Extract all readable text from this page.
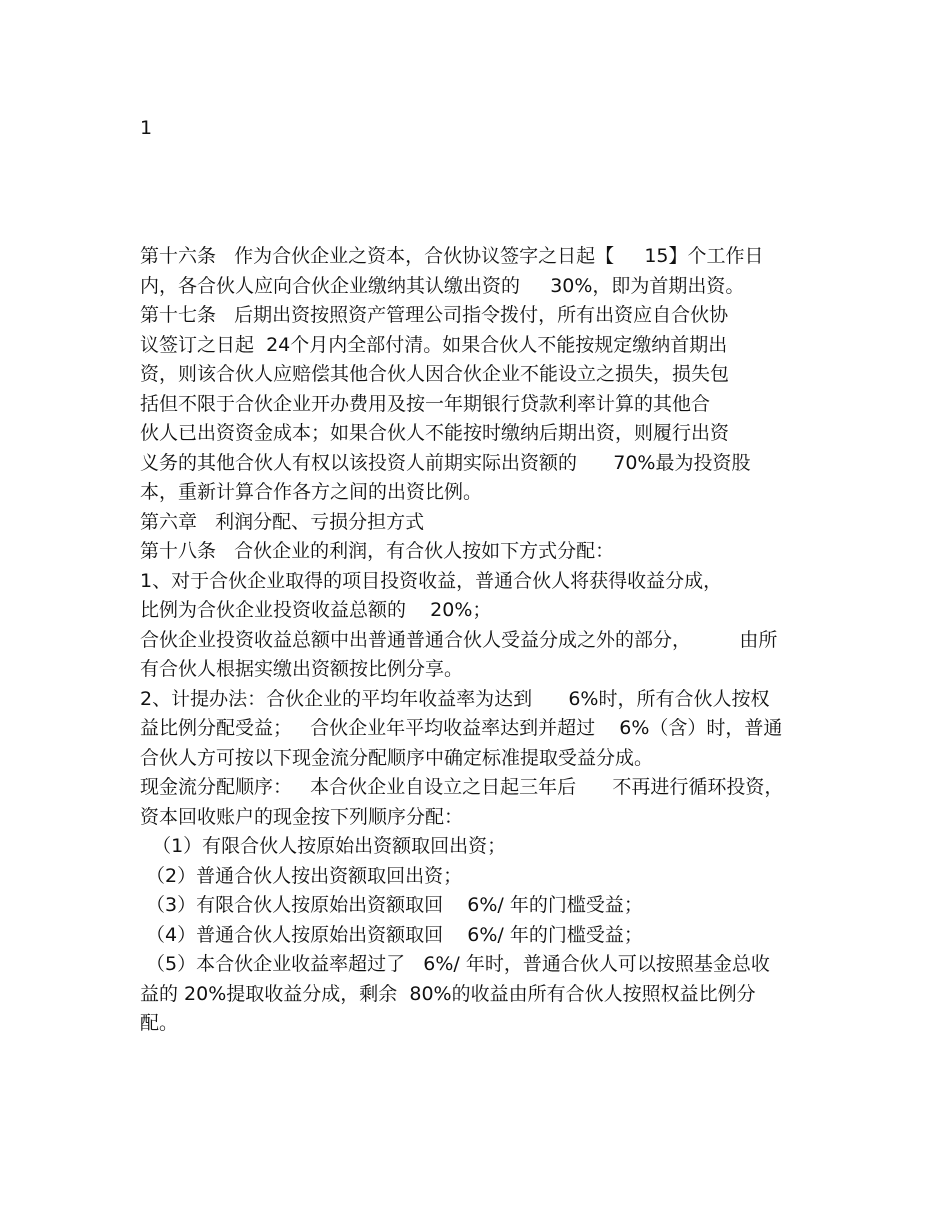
1
第十六条   作为合伙企业之资本，合伙协议签字之日起【     15】个工作日
内，各合伙人应向合伙企业缴纳其认缴出资的     30%，即为首期出资。
第十七条   后期出资按照资产管理公司指令拨付，所有出资应自合伙协
议签订之日起  24个月内全部付清。如果合伙人不能按规定缴纳首期出
资，则该合伙人应赔偿其他合伙人因合伙企业不能设立之损失，损失包
括但不限于合伙企业开办费用及按一年期银行贷款利率计算的其他合
伙人已出资资金成本；如果合伙人不能按时缴纳后期出资，则履行出资
义务的其他合伙人有权以该投资人前期实际出资额的      70%最为投资股
本，重新计算合作各方之间的出资比例。
第六章   利润分配、亏损分担方式
第十八条   合伙企业的利润，有合伙人按如下方式分配：
1、对于合伙企业取得的项目投资收益，普通合伙人将获得收益分成，
比例为合伙企业投资收益总额的    20%；
合伙企业投资收益总额中出普通普通合伙人受益分成之外的部分，        由所
有合伙人根据实缴出资额按比例分享。
2、计提办法：合伙企业的平均年收益率为达到      6%时，所有合伙人按权
益比例分配受益；   合伙企业年平均收益率达到并超过    6%（含）时，普通
合伙人方可按以下现金流分配顺序中确定标准提取受益分成。
现金流分配顺序：   本合伙企业自设立之日起三年后      不再进行循环投资，
资本回收账户的现金按下列顺序分配：
（1）有限合伙人按原始出资额取回出资；
（2）普通合伙人按出资额取回出资；
（3）有限合伙人按原始出资额取回    6%/ 年的门槛受益；
（4）普通合伙人按原始出资额取回    6%/ 年的门槛受益；
（5）本合伙企业收益率超过了   6%/ 年时，普通合伙人可以按照基金总收
益的 20%提取收益分成，剩余  80%的收益由所有合伙人按照权益比例分
配。
